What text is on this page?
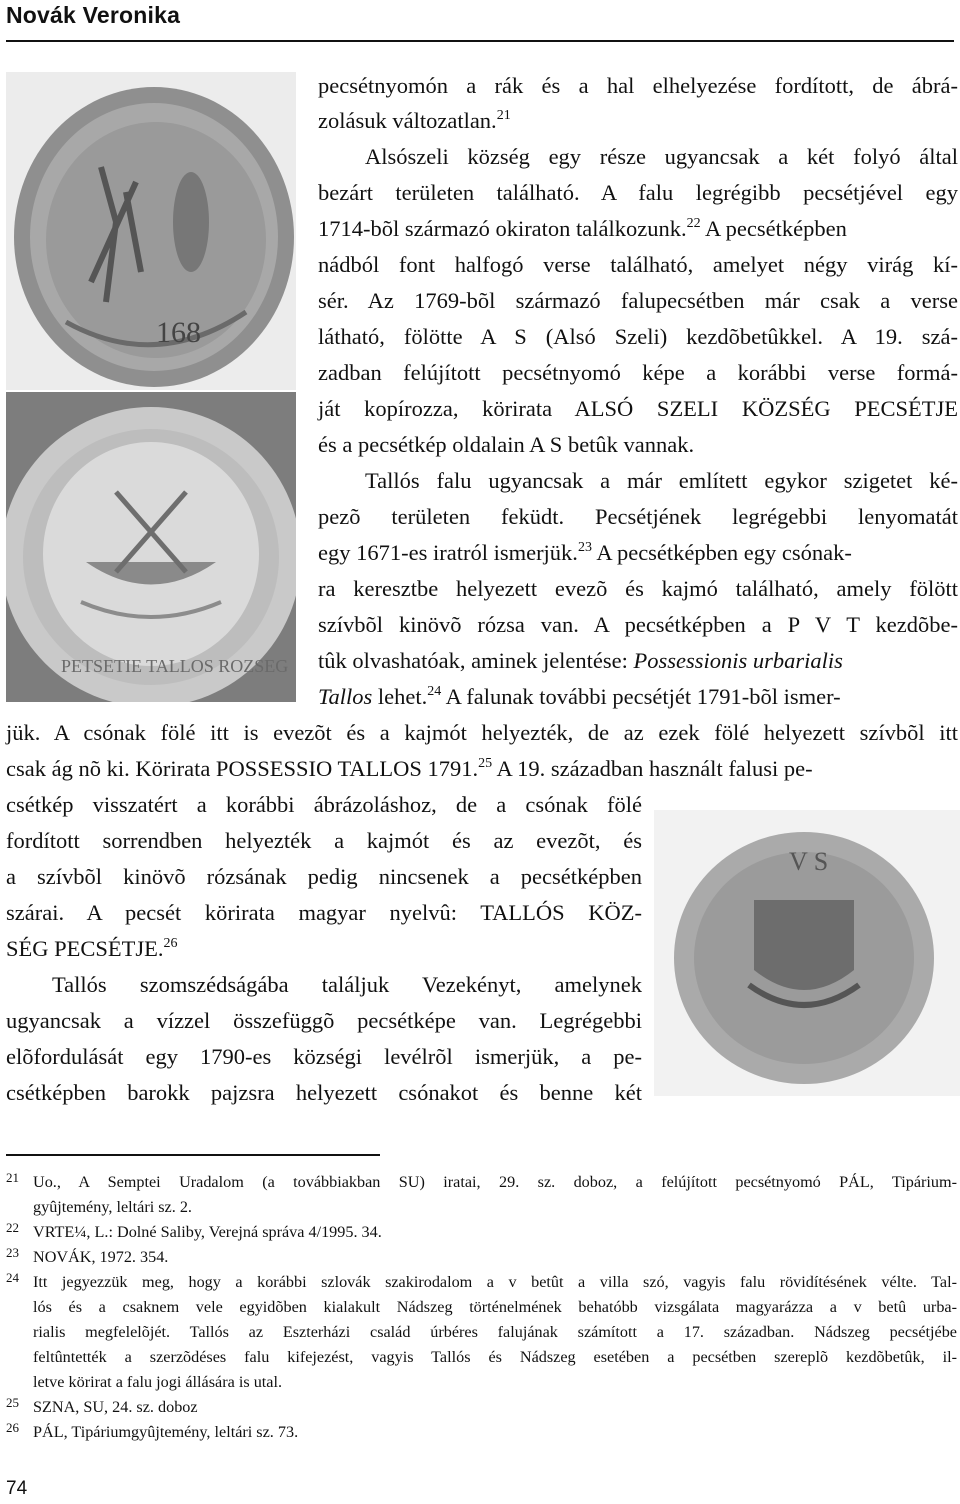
Novák Veronika
168
PETSETIE TALLOS ROZSEG
V S
pecsétnyomón a rák és a hal elhelyezése fordított, de ábrá-
zolásuk változatlan.$^{21}$
Alsószeli község egy része ugyancsak a két folyó által
bezárt területen található. A falu legrégibb pecsétjével egy
1714-bõl származó okiraton találkozunk.$^{22}$ A pecsétképben
nádból font halfogó verse található, amelyet négy virág kí-
sér. Az 1769-bõl származó falupecsétben már csak a verse
látható, fölötte A S (Alsó Szeli) kezdõbetûkkel. A 19. szá-
zadban felújított pecsétnyomó képe a korábbi verse formá-
ját kopírozza, körirata ALSÓ SZELI KÖZSÉG PECSÉTJE
és a pecsétkép oldalain A S betûk vannak.
Tallós falu ugyancsak a már említett egykor szigetet ké-
pezõ területen feküdt. Pecsétjének legrégebbi lenyomatát
egy 1671-es iratról ismerjük.$^{23}$ A pecsétképben egy csónak-
ra keresztbe helyezett evezõ és kajmó található, amely fölött
szívbõl kinövõ rózsa van. A pecsétképben a P V T kezdõbe-
tûk olvashatóak, aminek jelentése: Possessionis urbarialis
Tallos lehet.$^{24}$ A falunak további pecsétjét 1791-bõl ismer-
jük. A csónak fölé itt is evezõt és a kajmót helyezték, de az ezek fölé helyezett szívbõl itt
csak ág nõ ki. Körirata POSSESSIO TALLOS 1791.25 A 19. században használt falusi pe-
csétkép visszatért a korábbi ábrázoláshoz, de a csónak fölé
fordított sorrendben helyezték a kajmót és az evezõt, és
a szívbõl kinövõ rózsának pedig nincsenek a pecsétképben
szárai. A pecsét körirata magyar nyelvû: TALLÓS KÖZ-
SÉG PECSÉTJE.$^{26}$
Tallós szomszédságába találjuk Vezekényt, amelynek
ugyancsak a vízzel összefüggõ pecsétképe van. Legrégebbi
elõfordulását egy 1790-es községi levélrõl ismerjük, a pe-
csétképben barokk pajzsra helyezett csónakot és benne két
21 Uo., A Semptei Uradalom (a továbbiakban SU) iratai, 29. sz. doboz, a felújított pecsétnyomó PÁL, Tipárium-
gyûjtemény, leltári sz. 2.
22 VRTE¼, L.: Dolné Saliby, Verejná správa 4/1995. 34.
23 NOVÁK, 1972. 354.
24 Itt jegyezzük meg, hogy a korábbi szlovák szakirodalom a v betût a villa szó, vagyis falu rövidítésének vélte. Tal-
lós és a csaknem vele egyidõben kialakult Nádszeg történelmének behatóbb vizsgálata magyarázza a v betû urba-
rialis megfelelõjét. Tallós az Eszterházi család úrbéres falujának számított a 17. században. Nádszeg pecsétjébe
feltûntették a szerzõdéses falu kifejezést, vagyis Tallós és Nádszeg esetében a pecsétben szereplõ kezdõbetûk, il-
letve körirat a falu jogi állására is utal.
25 SZNA, SU, 24. sz. doboz
26 PÁL, Tipáriumgyûjtemény, leltári sz. 73.
74
